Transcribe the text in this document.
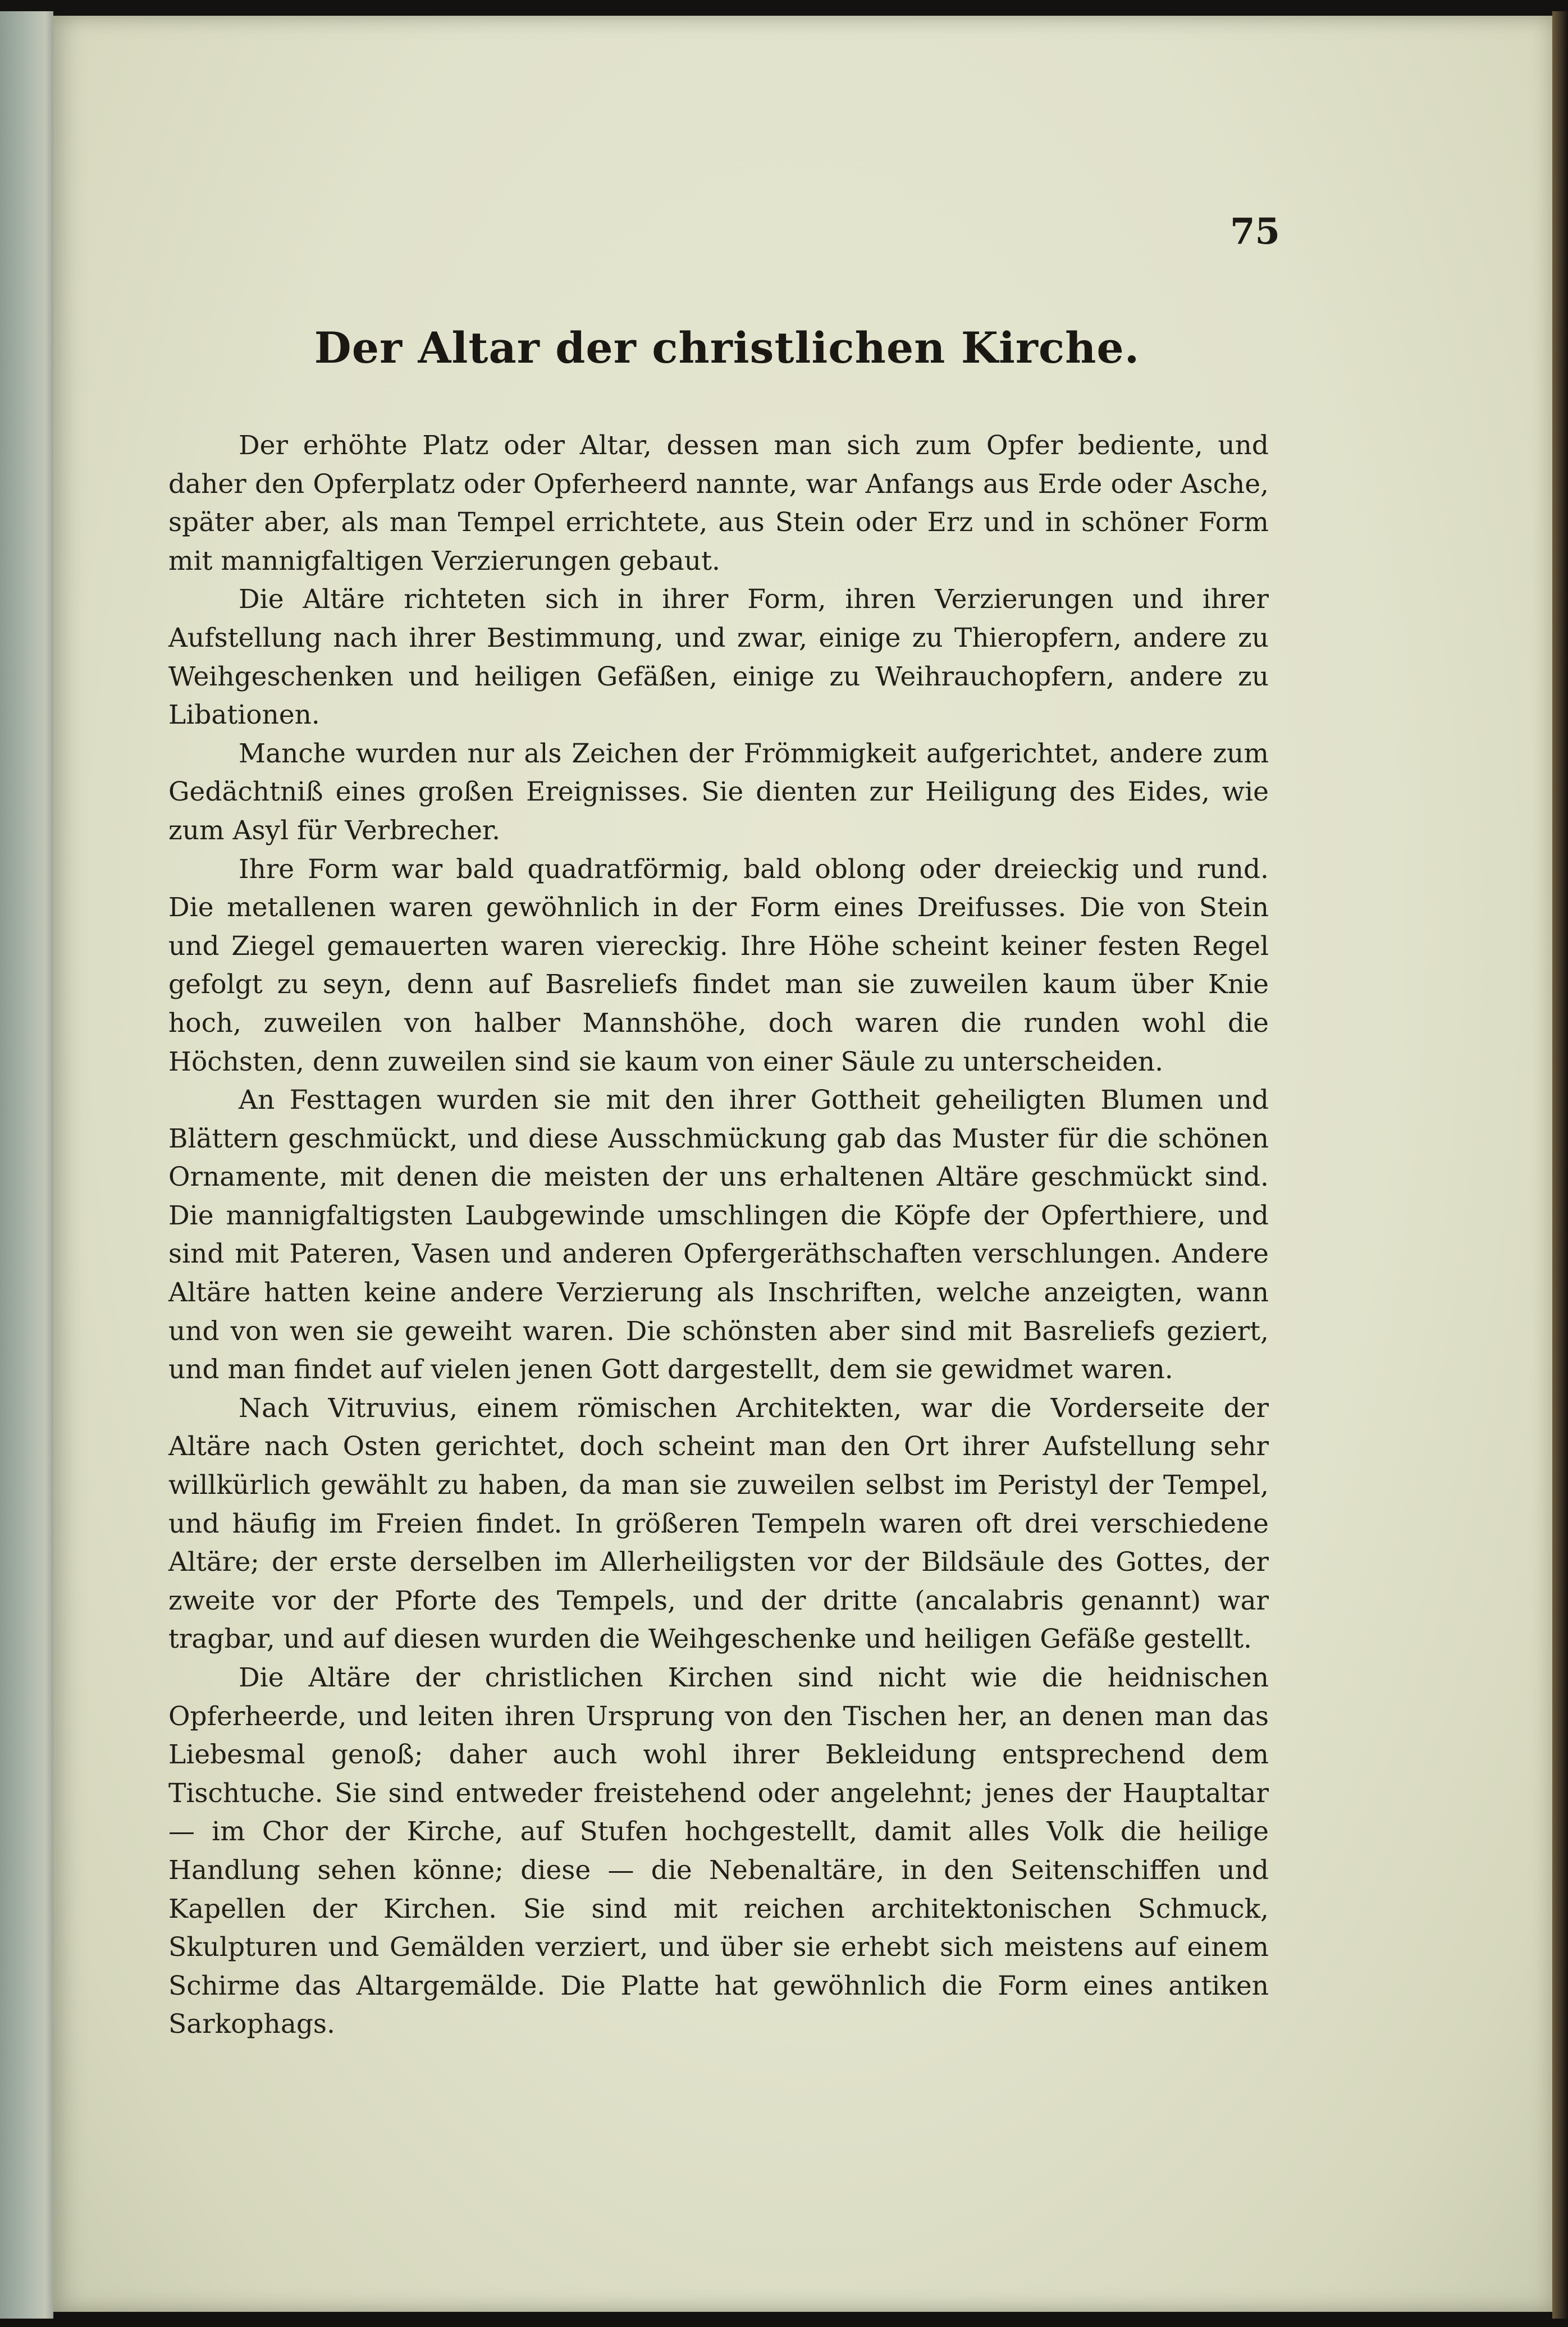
75
Der Altar der christlichen Kirche.

Der erhöhte Platz oder Altar, dessen man sich zum Opfer bediente, und daher den Opferplatz oder Opferheerd nannte, war Anfangs aus Erde oder Asche, später aber, als man Tempel errichtete, aus Stein oder Erz und in schöner Form mit mannigfaltigen Verzierungen gebaut.

Die Altäre richteten sich in ihrer Form, ihren Verzierungen und ihrer Aufstellung nach ihrer Bestimmung, und zwar, einige zu Thieropfern, andere zu Weihgeschenken und heiligen Gefäßen, einige zu Weihrauchopfern, andere zu Libationen.

Manche wurden nur als Zeichen der Frömmigkeit aufgerichtet, andere zum Gedächtniß eines großen Ereignisses. Sie dienten zur Heiligung des Eides, wie zum Asyl für Verbrecher.

Ihre Form war bald quadratförmig, bald oblong oder dreieckig und rund. Die metallenen waren gewöhnlich in der Form eines Dreifusses. Die von Stein und Ziegel gemauerten waren viereckig. Ihre Höhe scheint keiner festen Regel gefolgt zu seyn, denn auf Basreliefs findet man sie zuweilen kaum über Knie hoch, zuweilen von halber Mannshöhe, doch waren die runden wohl die Höchsten, denn zuweilen sind sie kaum von einer Säule zu unterscheiden.

An Festtagen wurden sie mit den ihrer Gottheit geheiligten Blumen und Blättern geschmückt, und diese Ausschmückung gab das Muster für die schönen Ornamente, mit denen die meisten der uns erhaltenen Altäre geschmückt sind. Die mannigfaltigsten Laubgewinde umschlingen die Köpfe der Opferthiere, und sind mit Pateren, Vasen und anderen Opfergeräthschaften verschlungen. Andere Altäre hatten keine andere Verzierung als Inschriften, welche anzeigten, wann und von wen sie geweiht waren. Die schönsten aber sind mit Basreliefs geziert, und man findet auf vielen jenen Gott dargestellt, dem sie gewidmet waren.

Nach Vitruvius, einem römischen Architekten, war die Vorderseite der Altäre nach Osten gerichtet, doch scheint man den Ort ihrer Aufstellung sehr willkürlich gewählt zu haben, da man sie zuweilen selbst im Peristyl der Tempel, und häufig im Freien findet. In größeren Tempeln waren oft drei verschiedene Altäre; der erste derselben im Allerheiligsten vor der Bildsäule des Gottes, der zweite vor der Pforte des Tempels, und der dritte (ancalabris genannt) war tragbar, und auf diesen wurden die Weihgeschenke und heiligen Gefäße gestellt.

Die Altäre der christlichen Kirchen sind nicht wie die heidnischen Opferheerde, und leiten ihren Ursprung von den Tischen her, an denen man das Liebesmal genoß; daher auch wohl ihrer Bekleidung entsprechend dem Tischtuche. Sie sind entweder freistehend oder angelehnt; jenes der Hauptaltar — im Chor der Kirche, auf Stufen hochgestellt, damit alles Volk die heilige Handlung sehen könne; diese — die Nebenaltäre, in den Seitenschiffen und Kapellen der Kirchen. Sie sind mit reichen architektonischen Schmuck, Skulpturen und Gemälden verziert, und über sie erhebt sich meistens auf einem Schirme das Altargemälde. Die Platte hat gewöhnlich die Form eines antiken Sarkophags.
